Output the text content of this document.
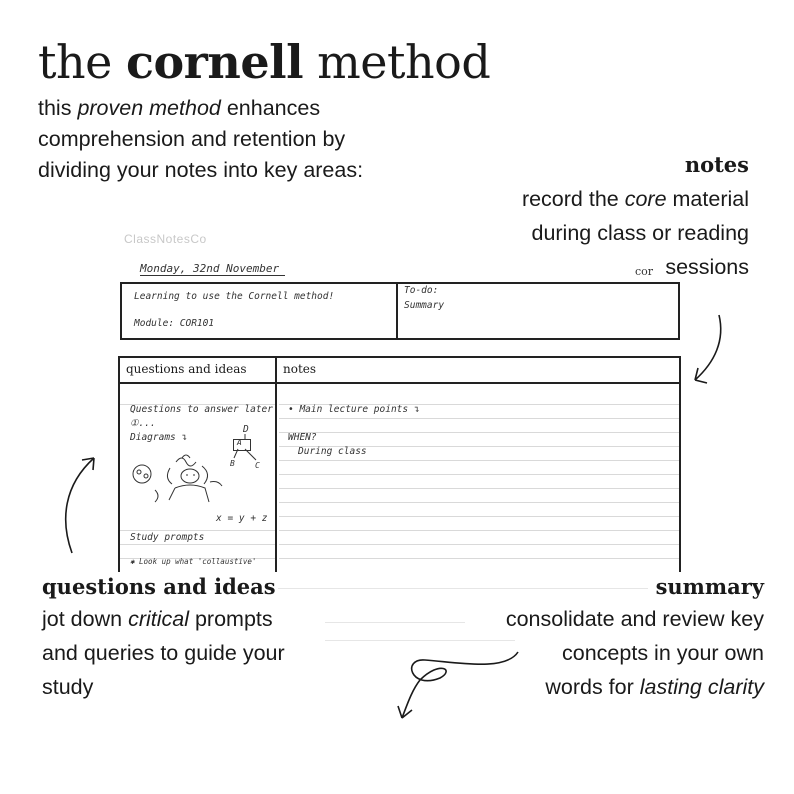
the cornell method
this proven method enhances
comprehension and retention by
dividing your notes into key areas:	notes
record the core material
during class or reading
sessions
ClassNotesCo
Monday, 32nd November	cor
Learning to use the Cornell method!
Module: COR101
To-do:
Summary
questions and ideas	notes
Questions to answer later
①...
Diagrams ↴
x = y + z
Study prompts
✱ Look up what 'collaustive'
D
A
B	C
• Main lecture points ↴
WHEN?
During class
questions and ideas
jot down critical prompts
and queries to guide your
study
summary
consolidate and review key
concepts in your own
words for lasting clarity
